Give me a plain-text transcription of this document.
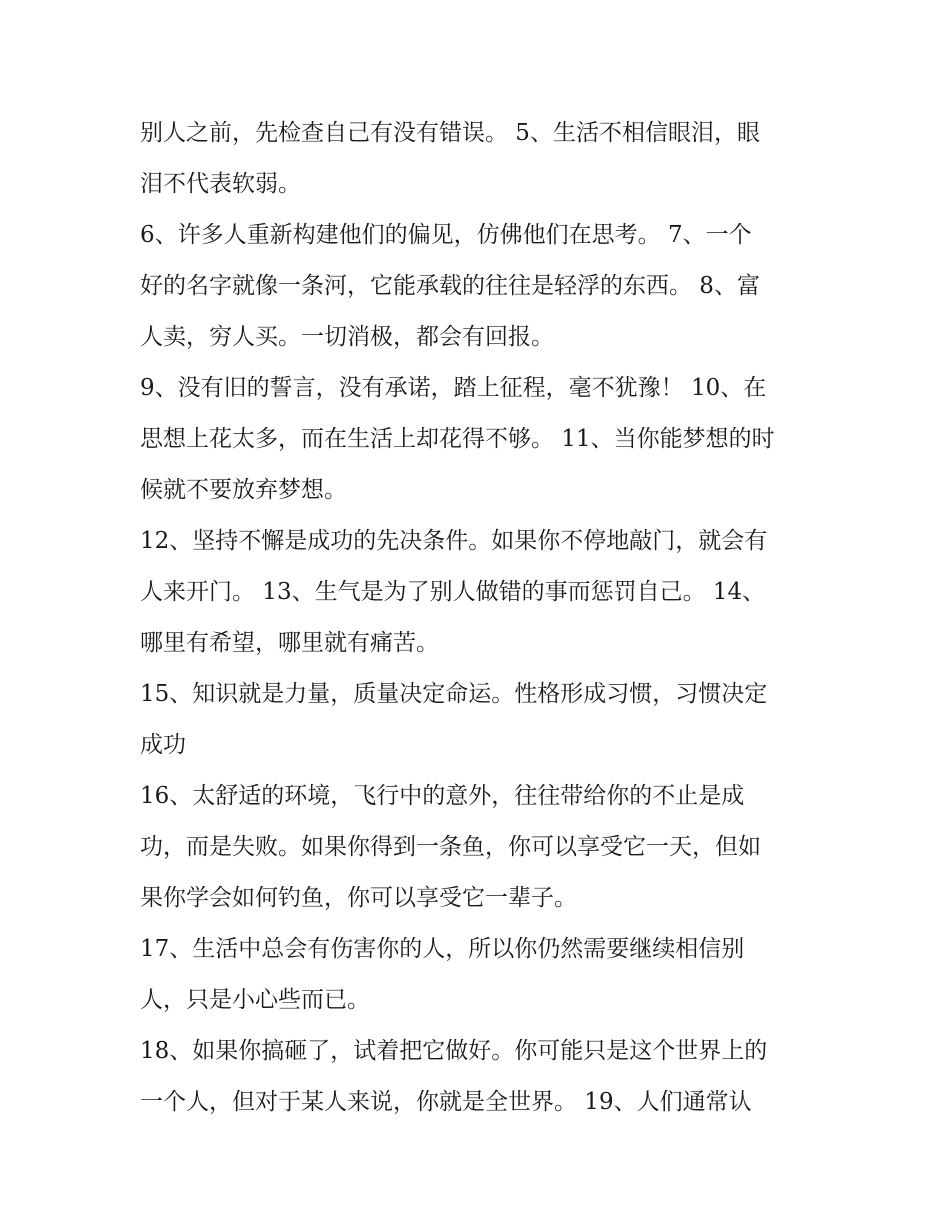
别人之前，先检查自己有没有错误。 5、生活不相信眼泪，眼
泪不代表软弱。
6、许多人重新构建他们的偏见，仿佛他们在思考。 7、一个
好的名字就像一条河，它能承载的往往是轻浮的东西。 8、富
人卖，穷人买。一切消极，都会有回报。
9、没有旧的誓言，没有承诺，踏上征程，毫不犹豫！ 10、在
思想上花太多，而在生活上却花得不够。 11、当你能梦想的时
候就不要放弃梦想。
12、坚持不懈是成功的先决条件。如果你不停地敲门，就会有
人来开门。 13、生气是为了别人做错的事而惩罚自己。 14、
哪里有希望，哪里就有痛苦。
15、知识就是力量，质量决定命运。性格形成习惯，习惯决定
成功
16、太舒适的环境，飞行中的意外，往往带给你的不止是成
功，而是失败。如果你得到一条鱼，你可以享受它一天，但如
果你学会如何钓鱼，你可以享受它一辈子。
17、生活中总会有伤害你的人，所以你仍然需要继续相信别
人，只是小心些而已。
18、如果你搞砸了，试着把它做好。你可能只是这个世界上的
一个人，但对于某人来说，你就是全世界。 19、人们通常认
